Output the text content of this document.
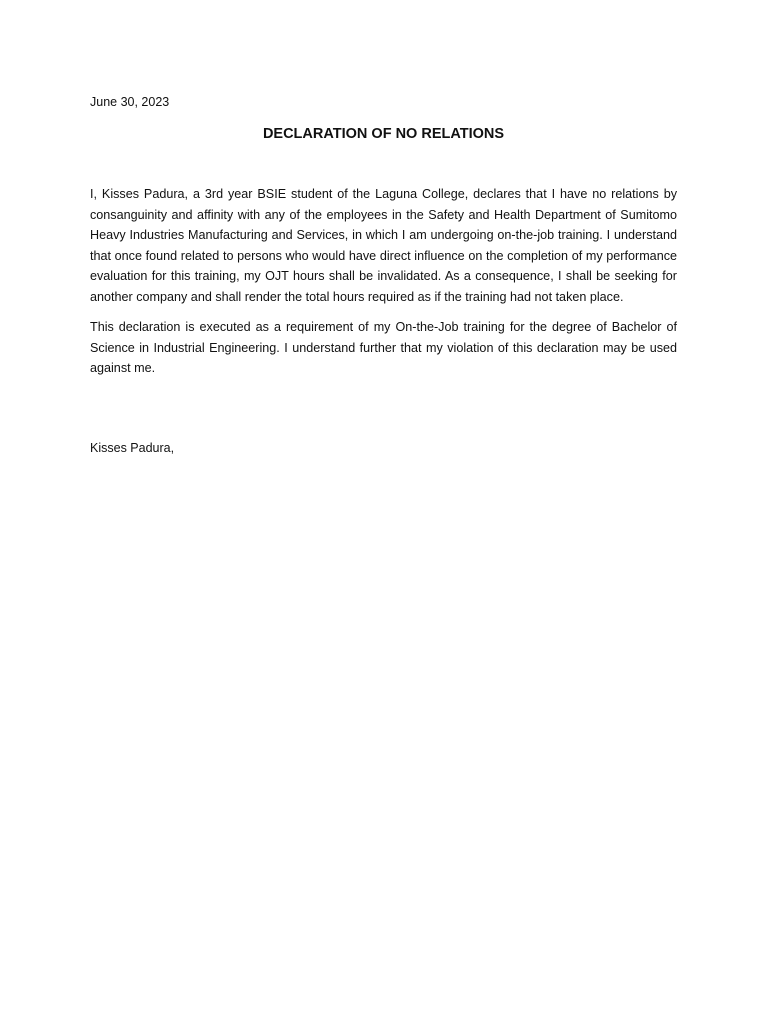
June 30, 2023
DECLARATION OF NO RELATIONS

I, Kisses Padura, a 3rd year BSIE student of the Laguna College, declares that I have no relations by consanguinity and affinity with any of the employees in the Safety and Health Department of Sumitomo Heavy Industries Manufacturing and Services, in which I am undergoing on-the-job training. I understand that once found related to persons who would have direct influence on the completion of my performance evaluation for this training, my OJT hours shall be invalidated. As a consequence, I shall be seeking for another company and shall render the total hours required as if the training had not taken place.

This declaration is executed as a requirement of my On-the-Job training for the degree of Bachelor of Science in Industrial Engineering. I understand further that my violation of this declaration may be used against me.

Kisses Padura,
